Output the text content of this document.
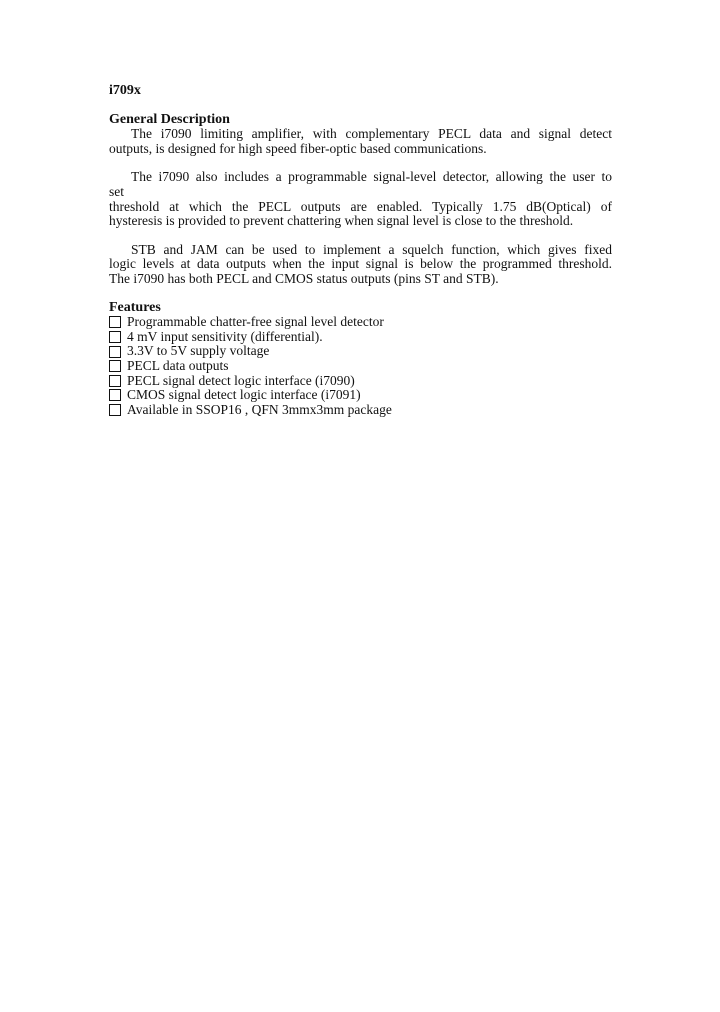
i709x
General Description
The i7090 limiting amplifier, with complementary PECL data and signal detect
outputs, is designed for high speed fiber-optic based communications.
The i7090 also includes a programmable signal-level detector, allowing the user to
set
threshold at which the PECL outputs are enabled. Typically 1.75 dB(Optical) of
hysteresis is provided to prevent chattering when signal level is close to the threshold.
STB and JAM can be used to implement a squelch function, which gives fixed
logic levels at data outputs when the input signal is below the programmed threshold.
The i7090 has both PECL and CMOS status outputs (pins ST and STB).
Features
Programmable chatter-free signal level detector
4 mV input sensitivity (differential).
3.3V to 5V supply voltage
PECL data outputs
PECL signal detect logic interface (i7090)
CMOS signal detect logic interface (i7091)
Available in SSOP16 , QFN 3mmx3mm package
